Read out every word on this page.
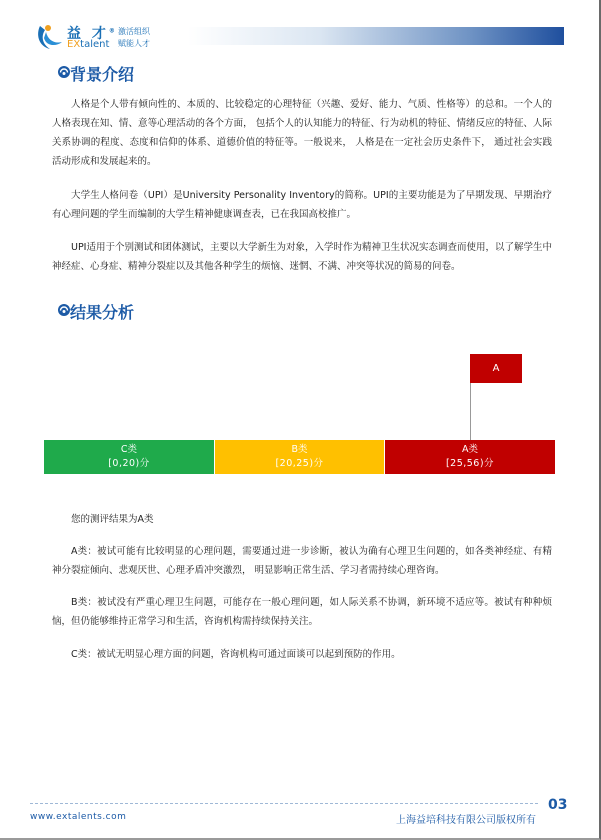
益 才®
EXtalent
激活组织
赋能人才
背景介绍

人格是个人带有倾向性的、本质的、比较稳定的心理特征（兴趣、爱好、能力、气质、性格等）的总和。一个人的人格表现在知、情、意等心理活动的各个方面， 包括个人的认知能力的特征、行为动机的特征、情绪反应的特征、人际关系协调的程度、态度和信仰的体系、道德价值的特征等。一般说来， 人格是在一定社会历史条件下， 通过社会实践活动形成和发展起来的。

大学生人格问卷（UPI）是University Personality Inventory的简称。UPI的主要功能是为了早期发现、早期治疗有心理问题的学生而编制的大学生精神健康调查表，已在我国高校推广。

UPI适用于个别测试和团体测试，主要以大学新生为对象，入学时作为精神卫生状况实态调查而使用，以了解学生中神经症、心身症、精神分裂症以及其他各种学生的烦恼、迷惘、不满、冲突等状况的简易的问卷。

结果分析
A
C类
[0,20)分
B类
[20,25)分
A类
[25,56)分

您的测评结果为A类

A类：被试可能有比较明显的心理问题，需要通过进一步诊断，被认为确有心理卫生问题的，如各类神经症、有精神分裂症倾向、悲观厌世、心理矛盾冲突激烈， 明显影响正常生活、学习者需持续心理咨询。

B类：被试没有严重心理卫生问题，可能存在一般心理问题，如人际关系不协调，新环境不适应等。被试有种种烦恼，但仍能够维持正常学习和生活，咨询机构需持续保持关注。

C类：被试无明显心理方面的问题，咨询机构可通过面谈可以起到预防的作用。

www.extalents.com	上海益培科技有限公司版权所有
03
